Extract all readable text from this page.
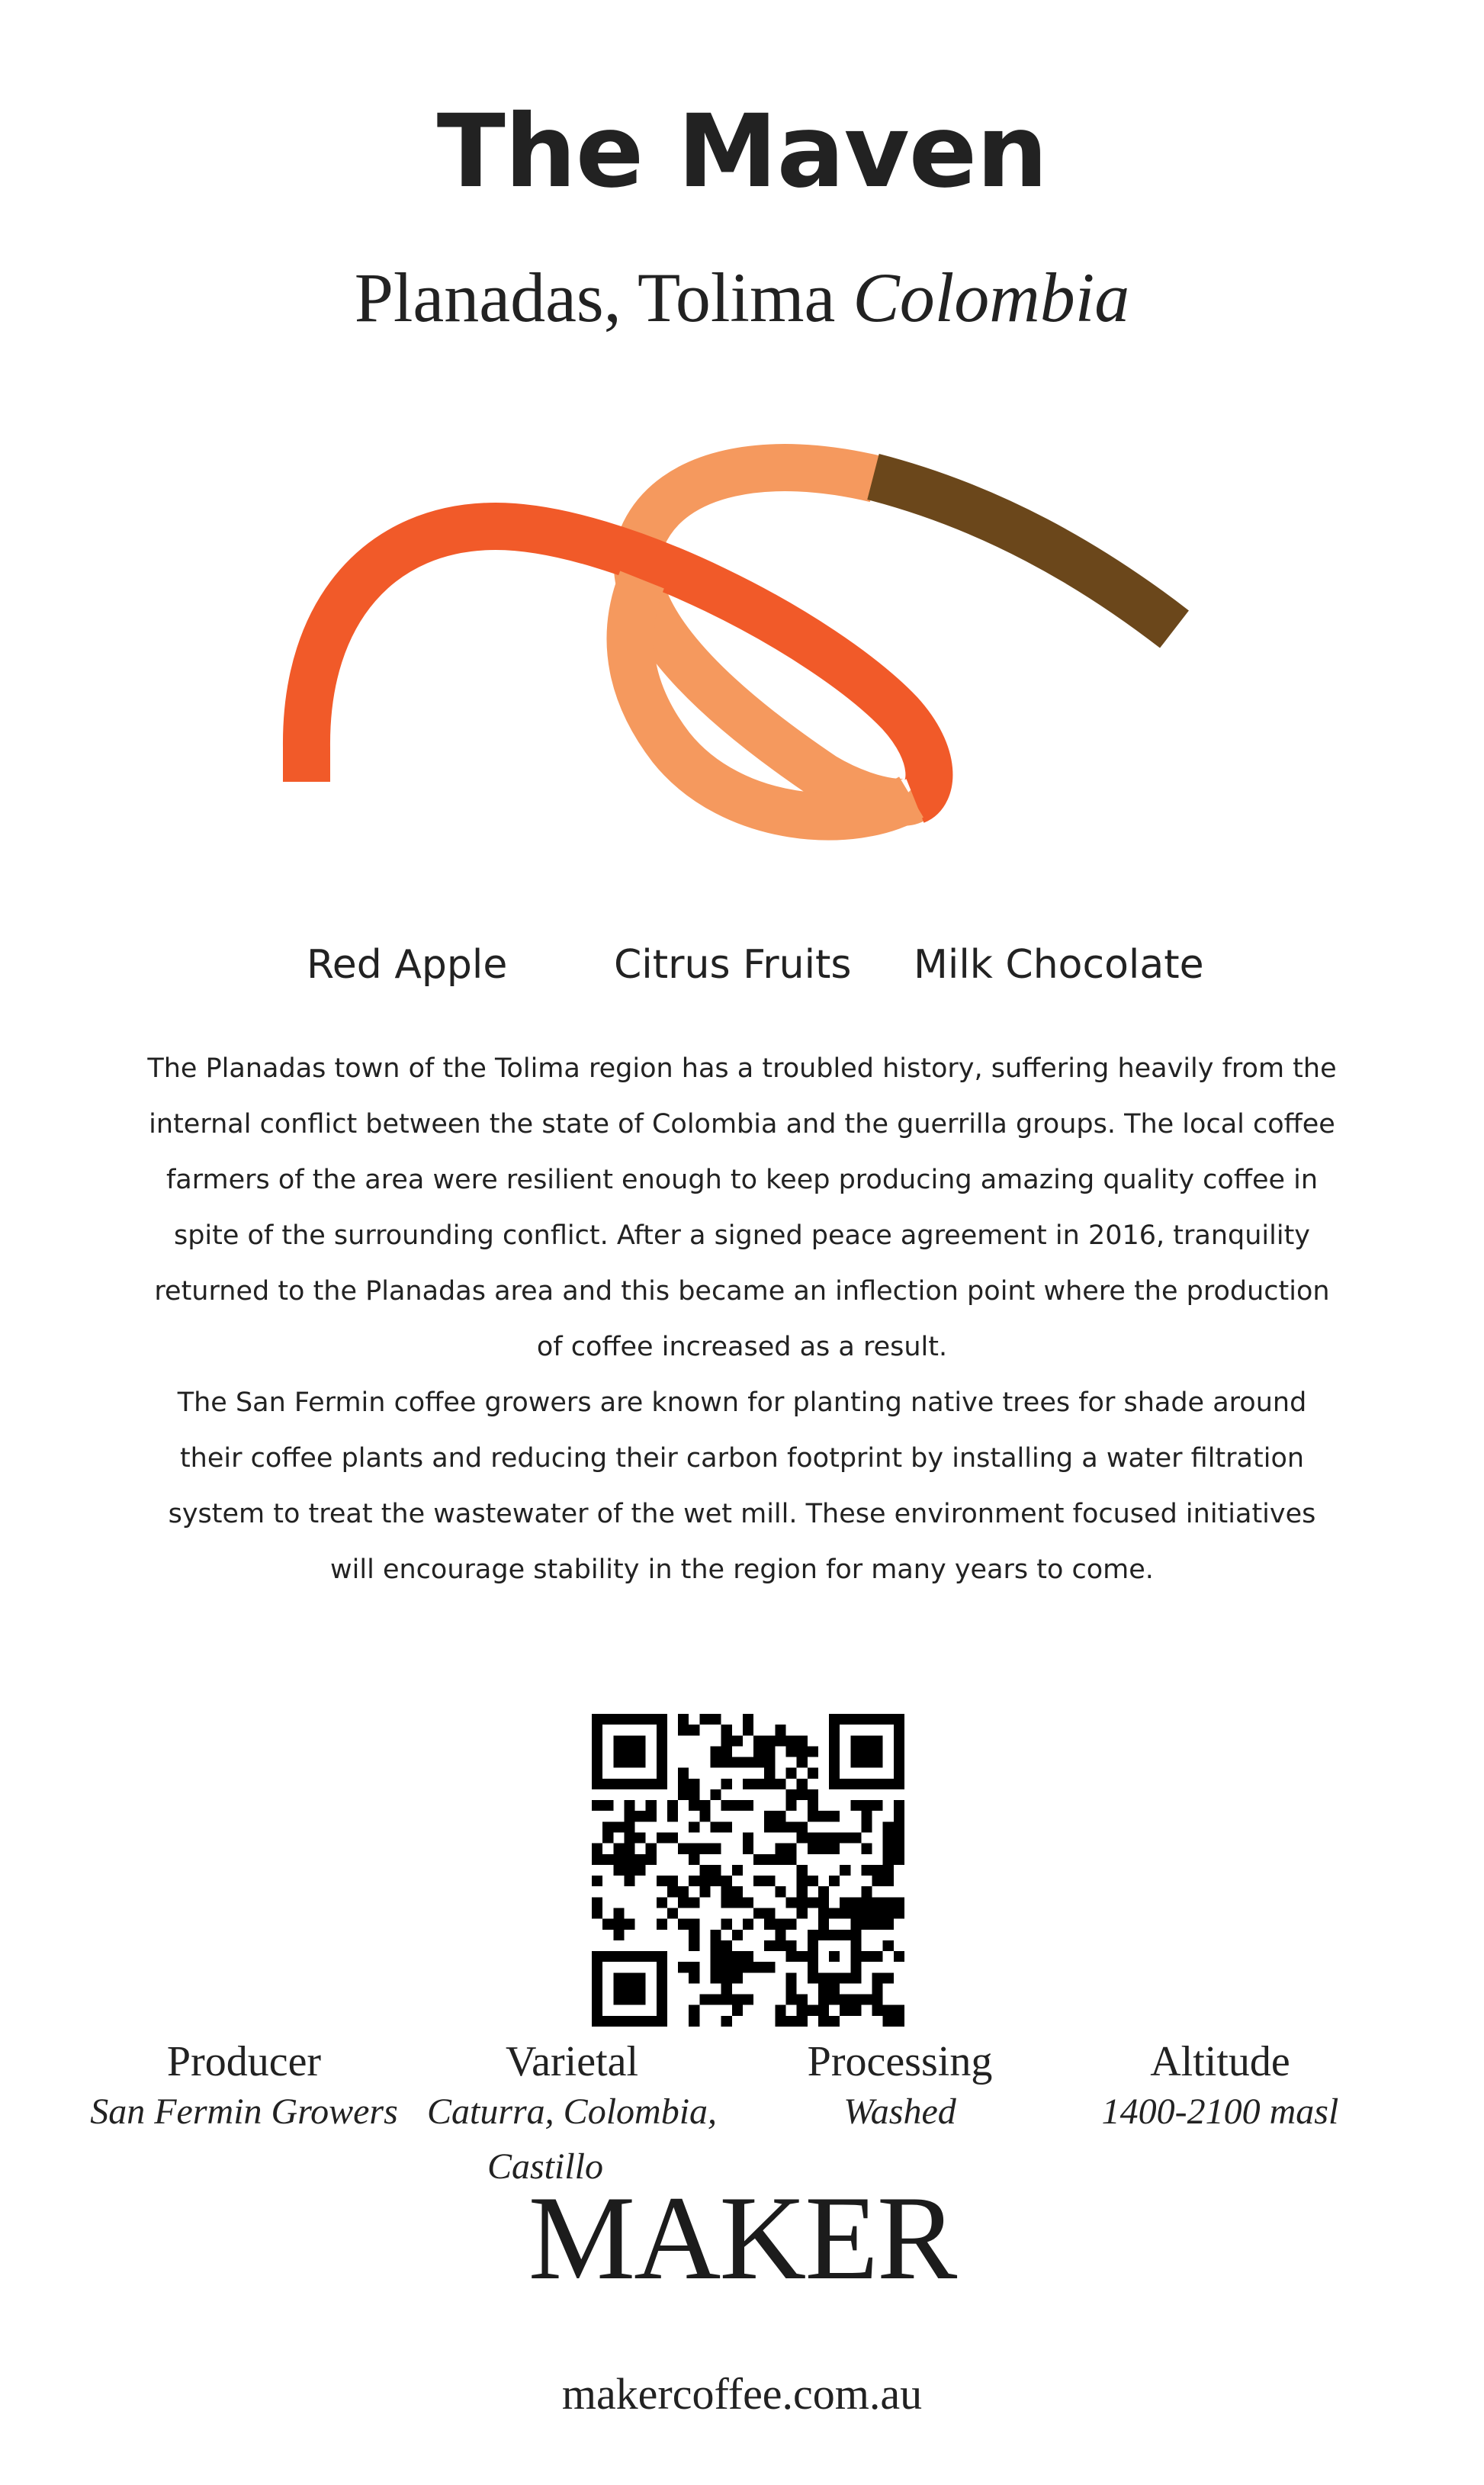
The Maven
Planadas, Tolima Colombia
Red Apple	Citrus Fruits Milk Chocolate

The Planadas town of the Tolima region has a troubled history, suffering heavily from the internal conflict between the state of Colombia and the guerrilla groups. The local coffee farmers of the area were resilient enough to keep producing amazing quality coffee in spite of the surrounding conflict. After a signed peace agreement in 2016, tranquility returned to the Planadas area and this became an inflection point where the production of coffee increased as a result.

The San Fermin coffee growers are known for planting native trees for shade around their coffee plants and reducing their carbon footprint by installing a water filtration system to treat the wastewater of the wet mill. These environment focused initiatives will encourage stability in the region for many years to come.

Producer
San Fermin Growers
Varietal
Caturra, Colombia,
Castillo
Processing
Washed
Altitude
1400-2100 masl
MAKER
makercoffee.com.au
